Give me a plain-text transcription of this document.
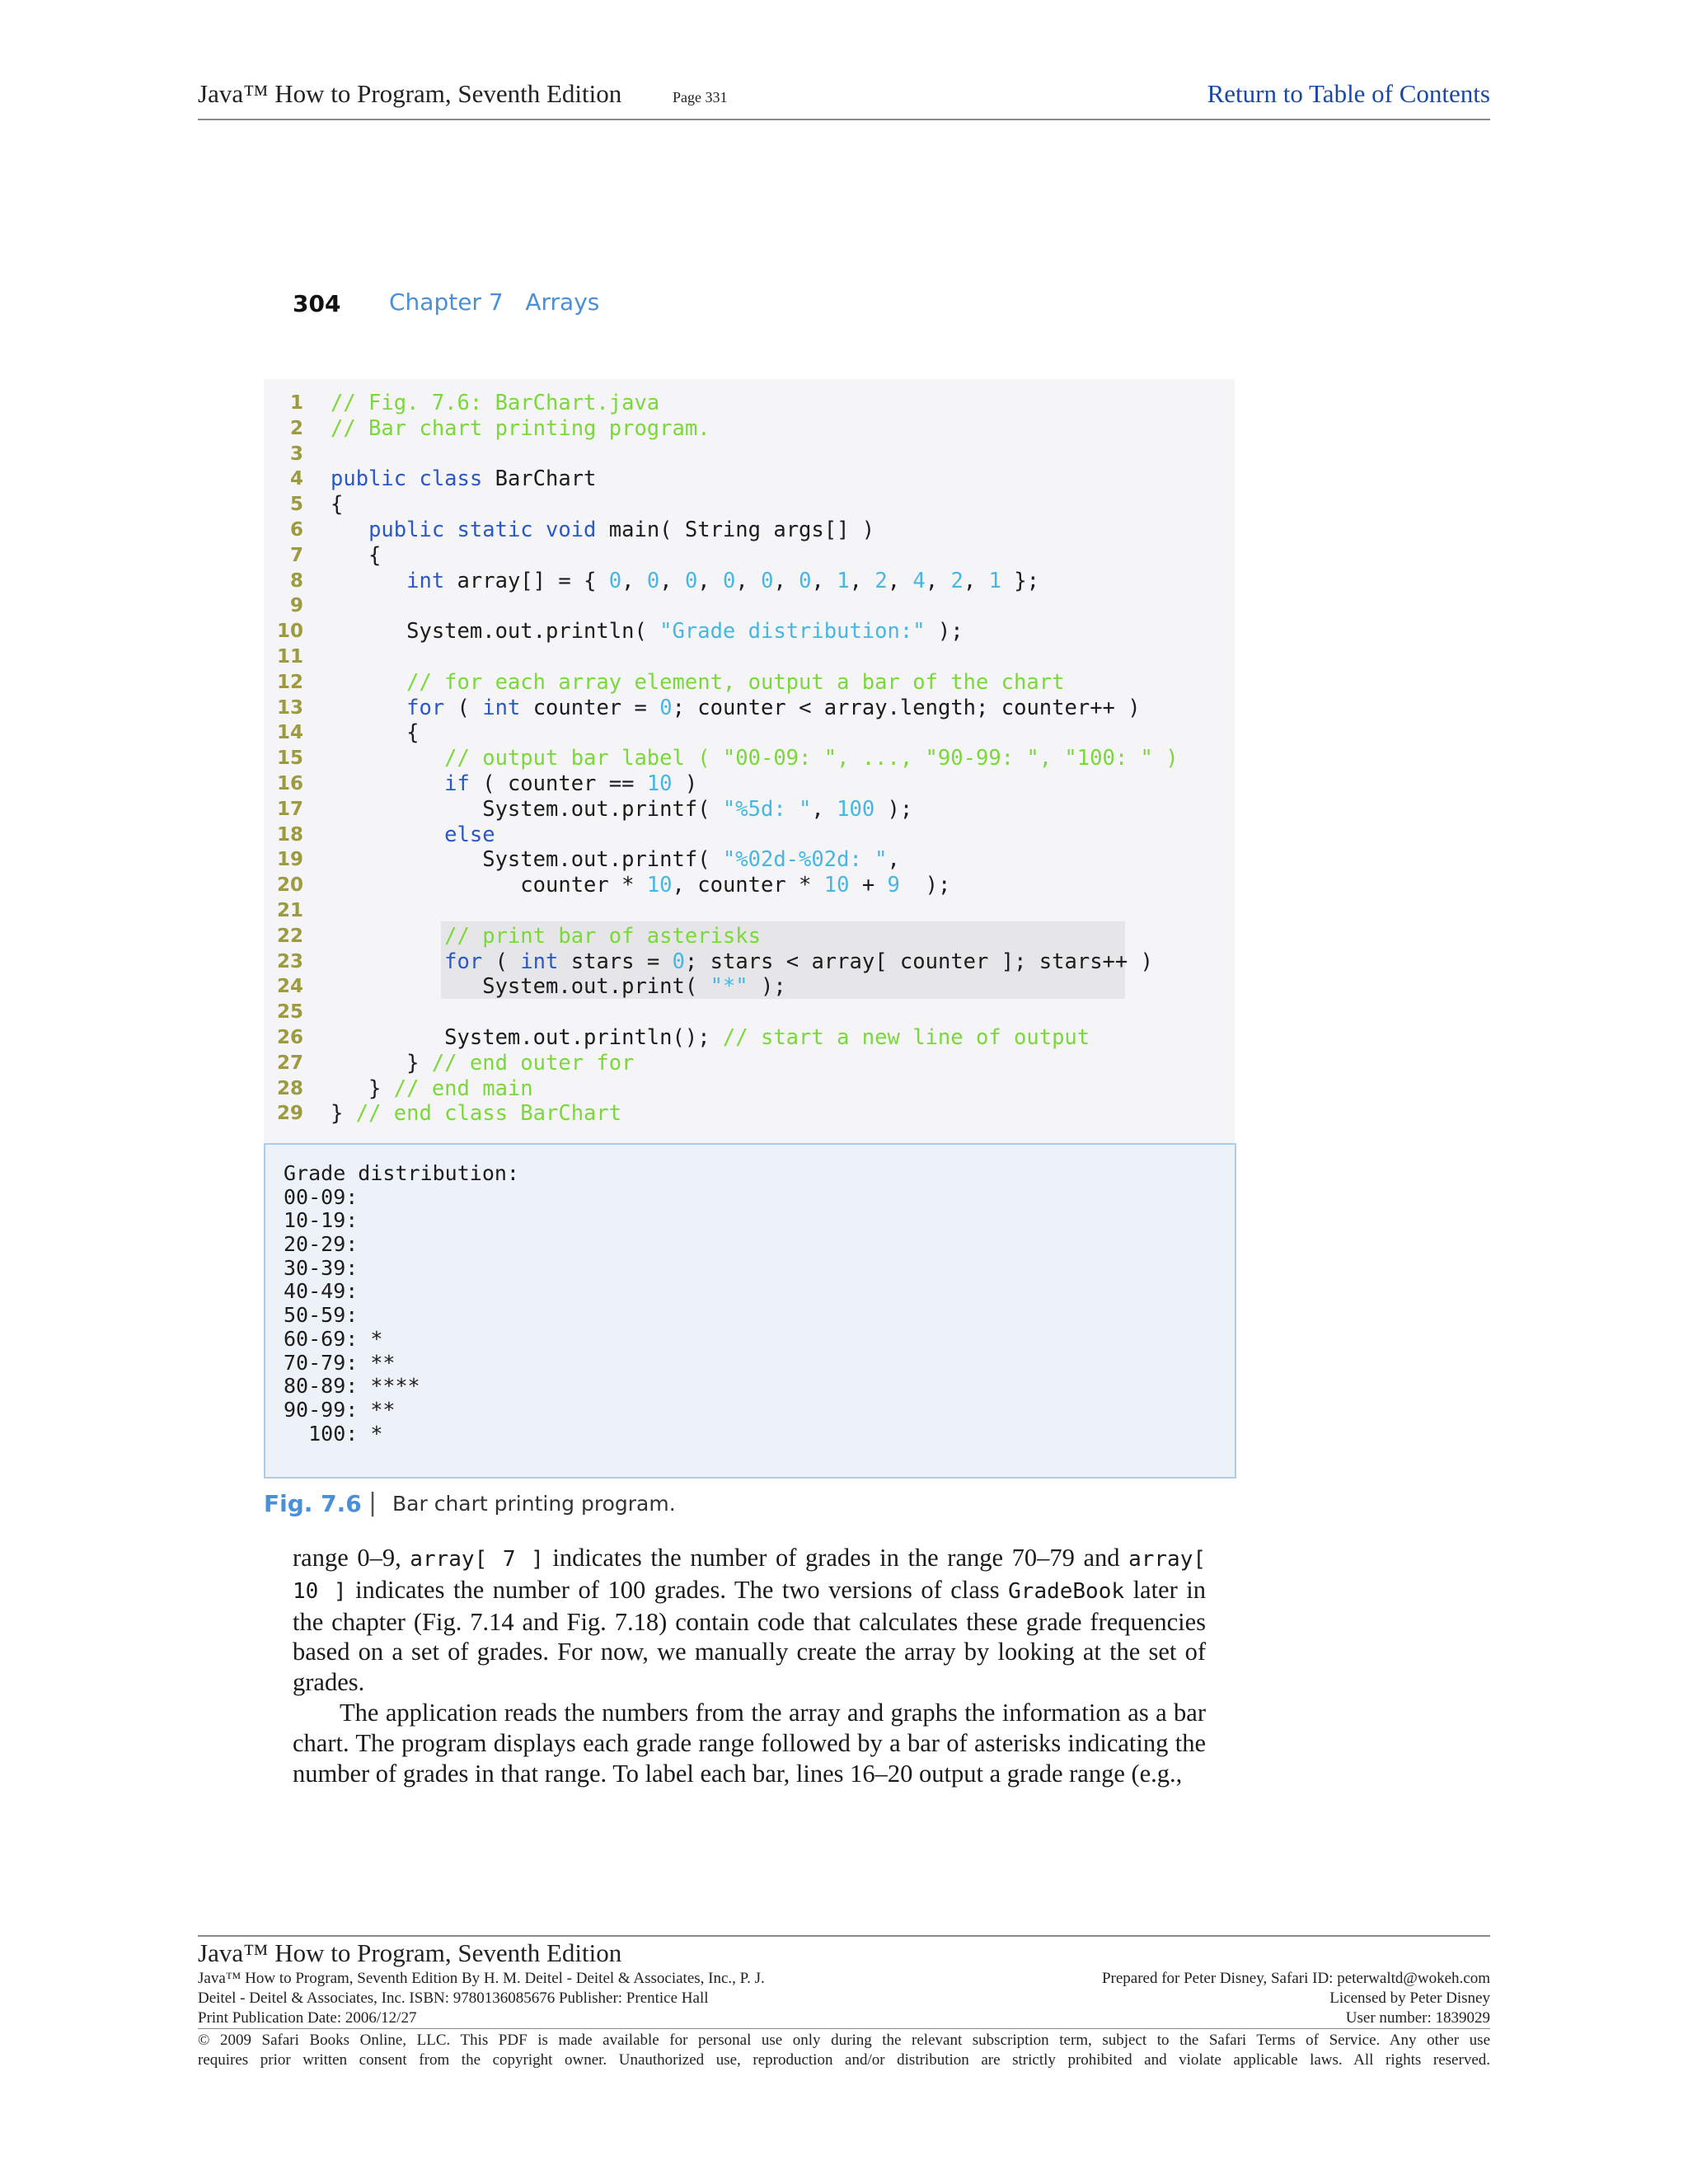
Java™ How to Program, Seventh Edition	Page 331	Return to Table of Contents
304 Chapter 7 Arrays
1 // Fig. 7.6: BarChart.java
2 // Bar chart printing program.
3
4 public class BarChart
5 {
6	public static void main( String args[] )
7 {
8	int array[] = { 0, 0, 0, 0, 0, 0, 1, 2, 4, 2, 1 };
9
10 System.out.println( "Grade distribution:" );
11
12 // for each array element, output a bar of the chart
13	for ( int counter = 0; counter < array.length; counter++ )
14 {
15 // output bar label ( "00-09: ", ..., "90-99: ", "100: " )
16	if ( counter == 10 )
17 System.out.printf( "%5d: ", 100 );
18	else
19 System.out.printf( "%02d-%02d: ",
20 counter * 10, counter * 10 + 9  );
21
22 // print bar of asterisks
23	for ( int stars = 0; stars < array[ counter ]; stars++ )
24 System.out.print( "*" );
25
26 System.out.println(); // start a new line of output
27 } // end outer for
28 } // end main
29 } // end class BarChart
Grade distribution:
00-09:
10-19:
20-29:
30-39:
40-49:
50-59:
60-69: *
70-79: **
80-89: ****
90-99: **
100: *
Fig. 7.6 | Bar chart printing program.

range 0–9, array[ 7 ] indicates the number of grades in the range 70–79 and array[ 10 ] indicates the number of 100 grades. The two versions of class GradeBook later in the chapter (Fig. 7.14 and Fig. 7.18) contain code that calculates these grade frequencies based on a set of grades. For now, we manually create the array by looking at the set of grades.

The application reads the numbers from the array and graphs the information as a bar chart. The program displays each grade range followed by a bar of asterisks indicating the number of grades in that range. To label each bar, lines 16–20 output a grade range (e.g.,

Java™ How to Program, Seventh Edition
Java™ How to Program, Seventh Edition By H. M. Deitel - Deitel & Associates, Inc., P. J.
Deitel - Deitel & Associates, Inc. ISBN: 9780136085676 Publisher: Prentice Hall
Print Publication Date: 2006/12/27
Prepared for Peter Disney, Safari ID: peterwaltd@wokeh.com
Licensed by Peter Disney
User number: 1839029
© 2009 Safari Books Online, LLC. This PDF is made available for personal use only during the relevant subscription term, subject to the Safari Terms of Service. Any other use
requires prior written consent from the copyright owner. Unauthorized use, reproduction and/or distribution are strictly prohibited and violate applicable laws. All rights reserved.
